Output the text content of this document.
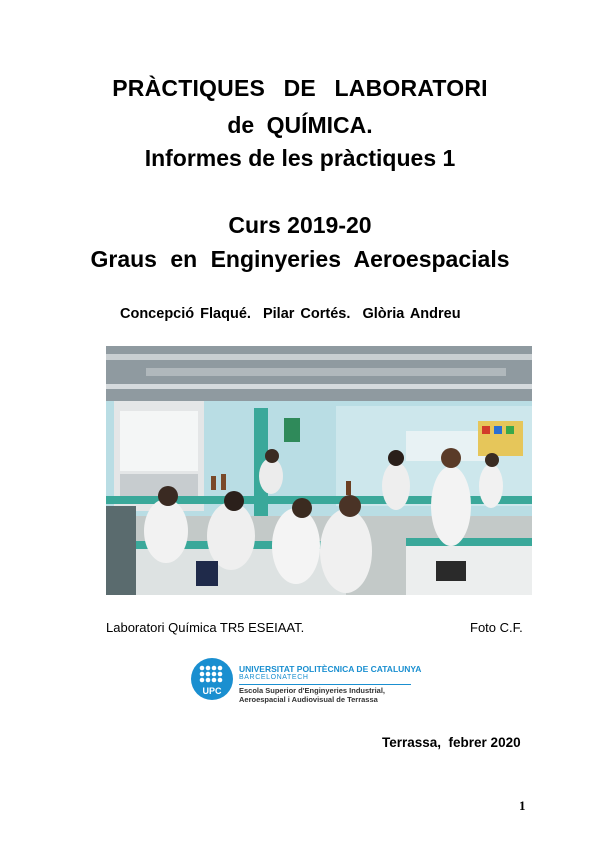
PRÀCTIQUES DE LABORATORI
de QUÍMICA.
Informes de les pràctiques 1
Curs 2019-20
Graus en Enginyeries Aeroespacials
Concepció Flaqué.  Pilar Cortés.  Glòria Andreu
Laboratori Química TR5 ESEIAAT.	Foto C.F.
UPC
UNIVERSITAT POLITÈCNICA DE CATALUNYA
BARCELONATECH
Escola Superior d'Enginyeries Industrial,
Aeroespacial i Audiovisual de Terrassa
Terrassa,  febrer 2020
1
